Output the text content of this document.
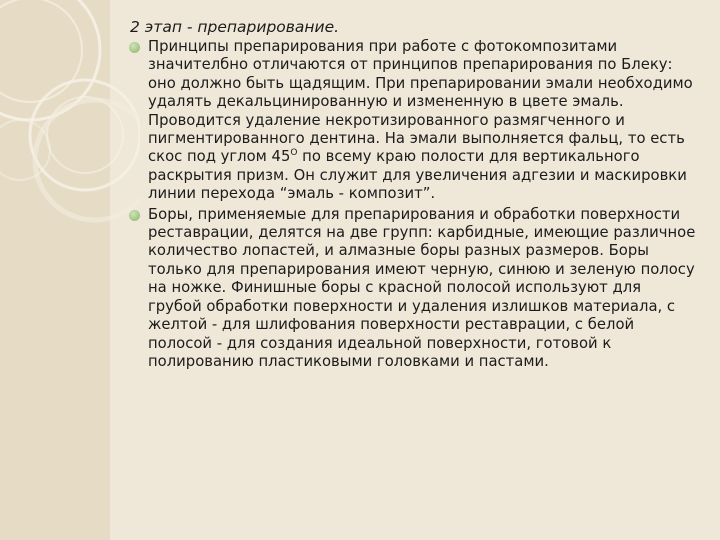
2 этап - препарирование.
Принципы препарирования при работе с фотокомпозитами значителбно отличаются от принципов препарирования по Блеку: оно должно быть щадящим. При препарировании эмали необходимо удалять декальцинированную и измененную в цвете эмаль. Проводится удаление некротизированного размягченного и пигментированного дентина. На эмали выполняется фальц, то есть скос под углом $45^О$ по всему краю полости для вертикального раскрытия призм. Он служит для увеличения адгезии и маскировки линии перехода “эмаль - композит”.
Боры, применяемые для препарирования и обработки поверхности реставрации, делятся на две групп: карбидные, имеющие различное количество лопастей, и алмазные боры разных размеров. Боры только для препарирования имеют черную, синюю и зеленую полосу на ножке. Финишные боры с красной полосой используют для грубой обработки поверхности и удаления излишков материала, с желтой - для шлифования поверхности реставрации, с белой полосой - для создания идеальной поверхности, готовой к полированию пластиковыми головками и пастами.
